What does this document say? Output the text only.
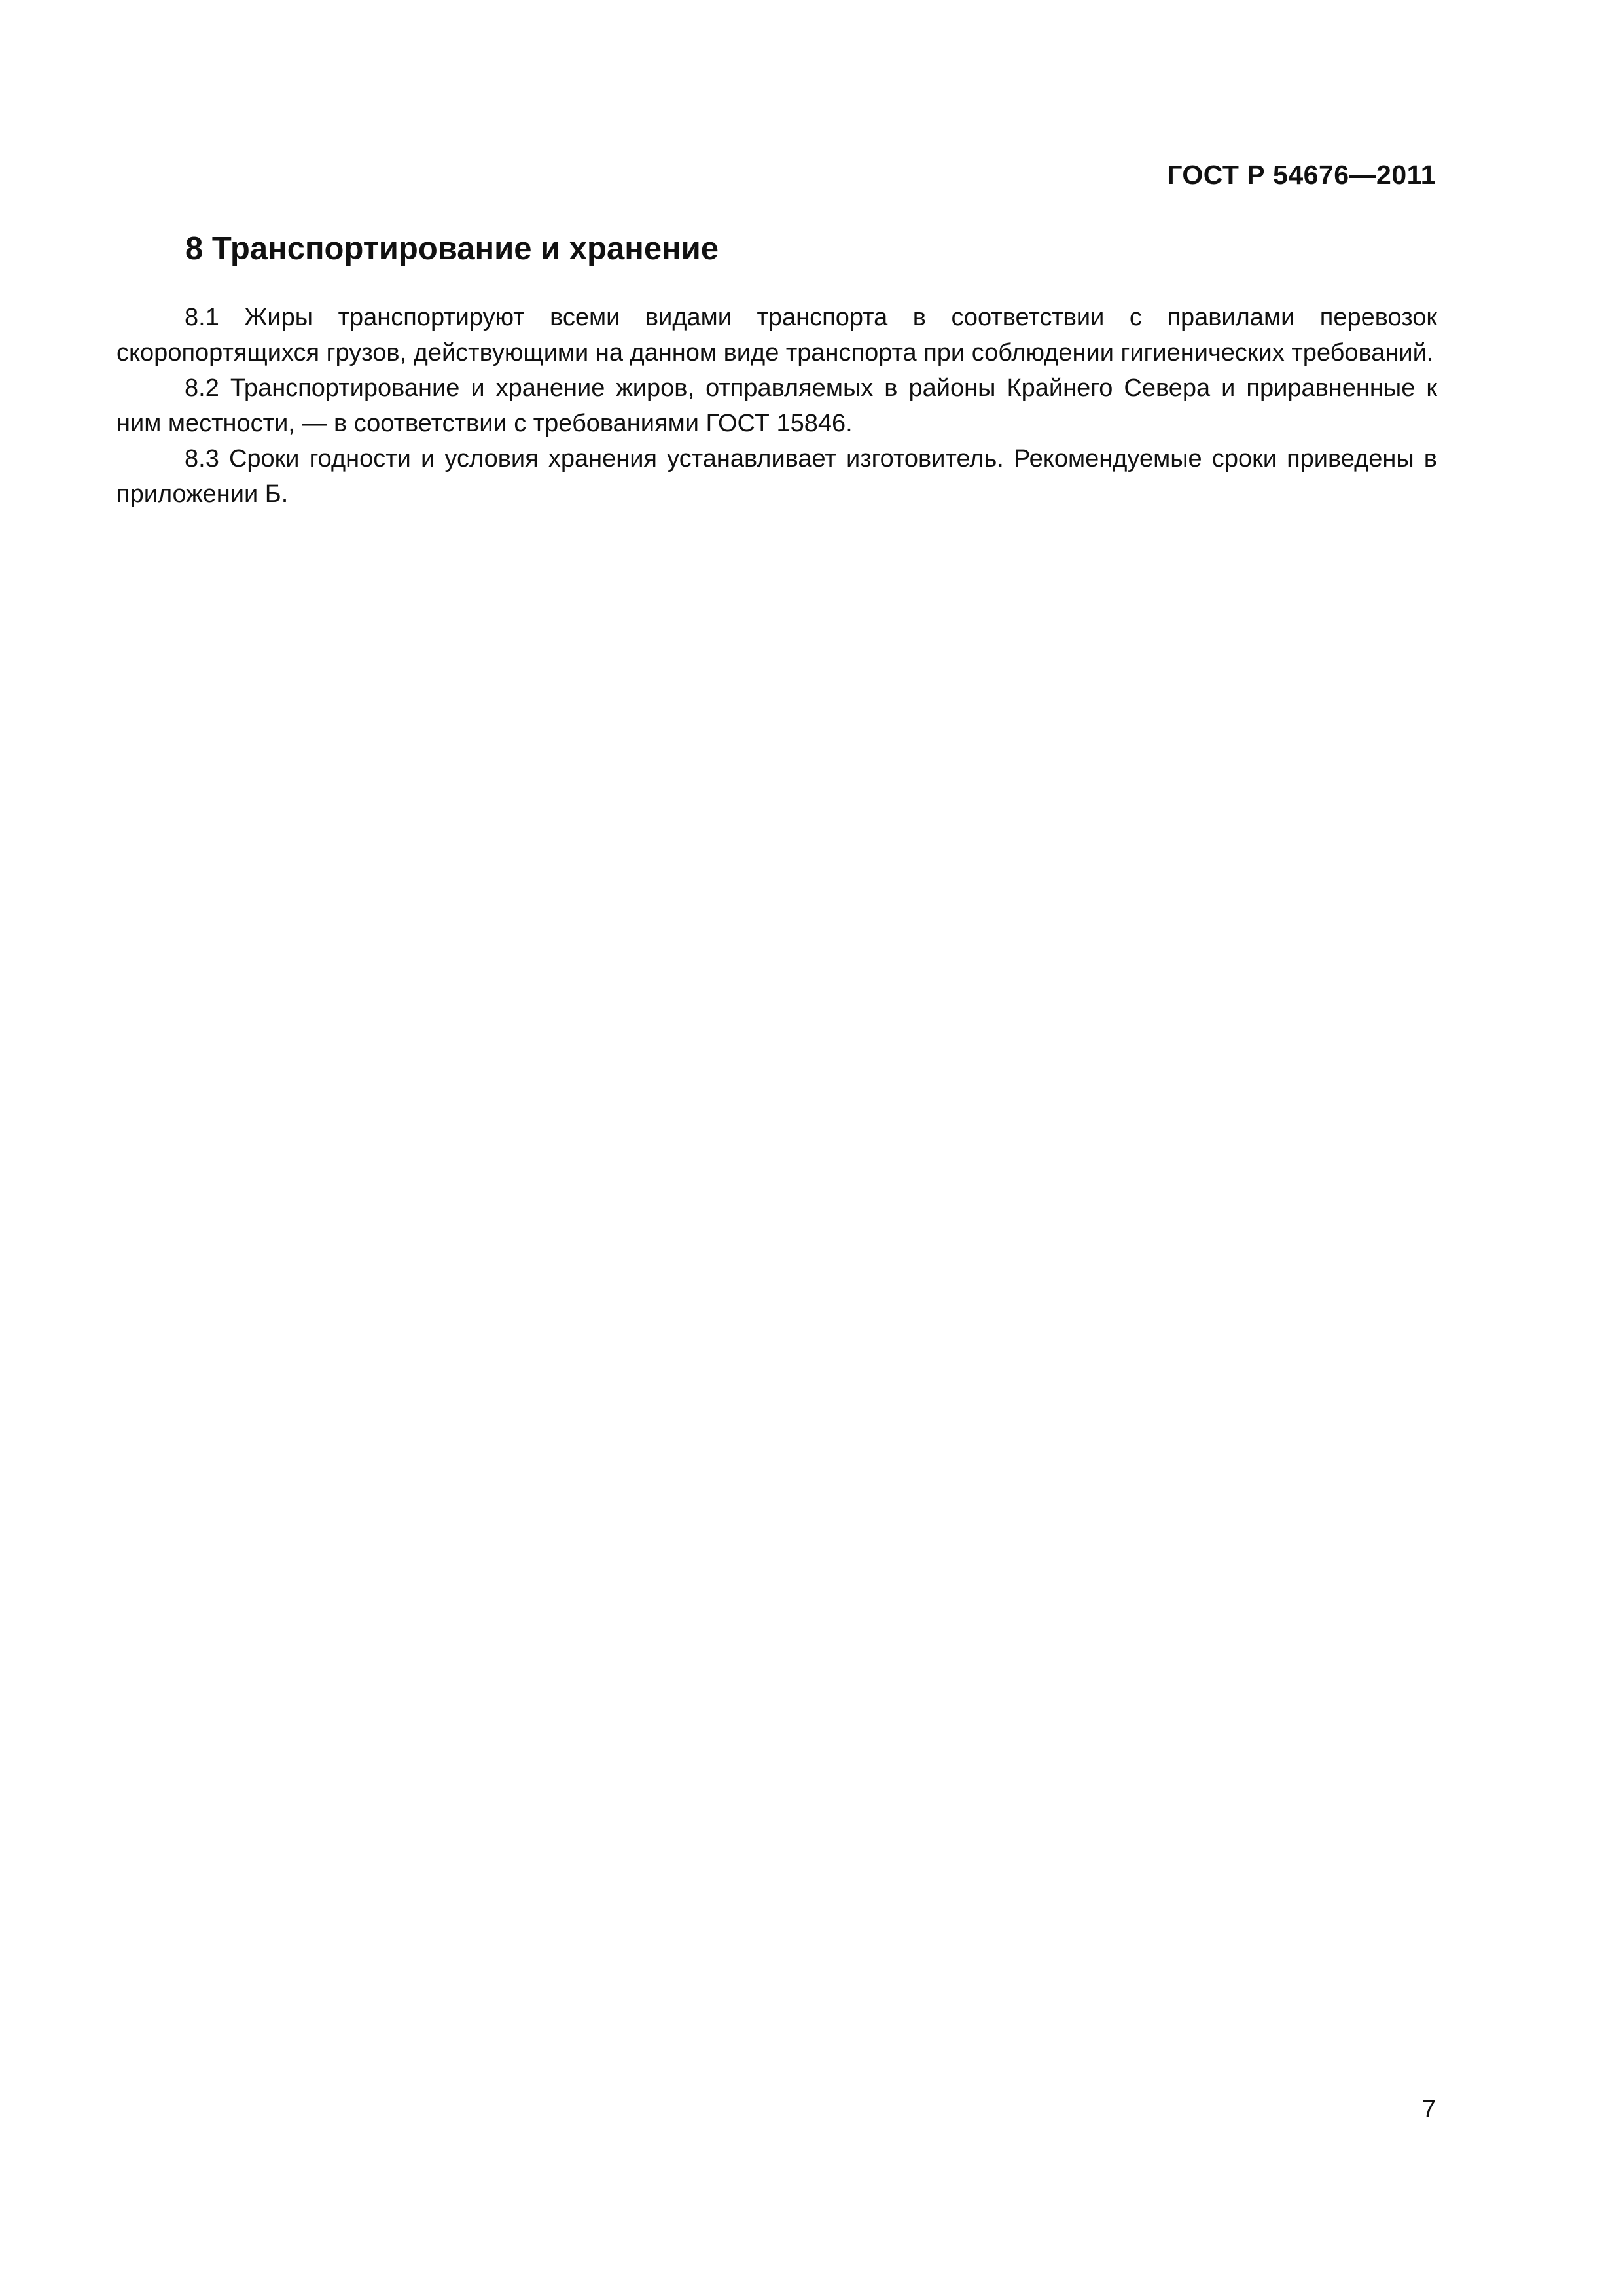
ГОСТ Р 54676—2011
8 Транспортирование и хранение

8.1 Жиры транспортируют всеми видами транспорта в соответствии с правилами перевозок скоропортящихся грузов, действующими на данном виде транспорта при соблюдении гигиенических требований.

8.2 Транспортирование и хранение жиров, отправляемых в районы Крайнего Севера и приравненные к ним местности, — в соответствии с требованиями ГОСТ 15846.

8.3 Сроки годности и условия хранения устанавливает изготовитель. Рекомендуемые сроки приведены в приложении Б.

7
